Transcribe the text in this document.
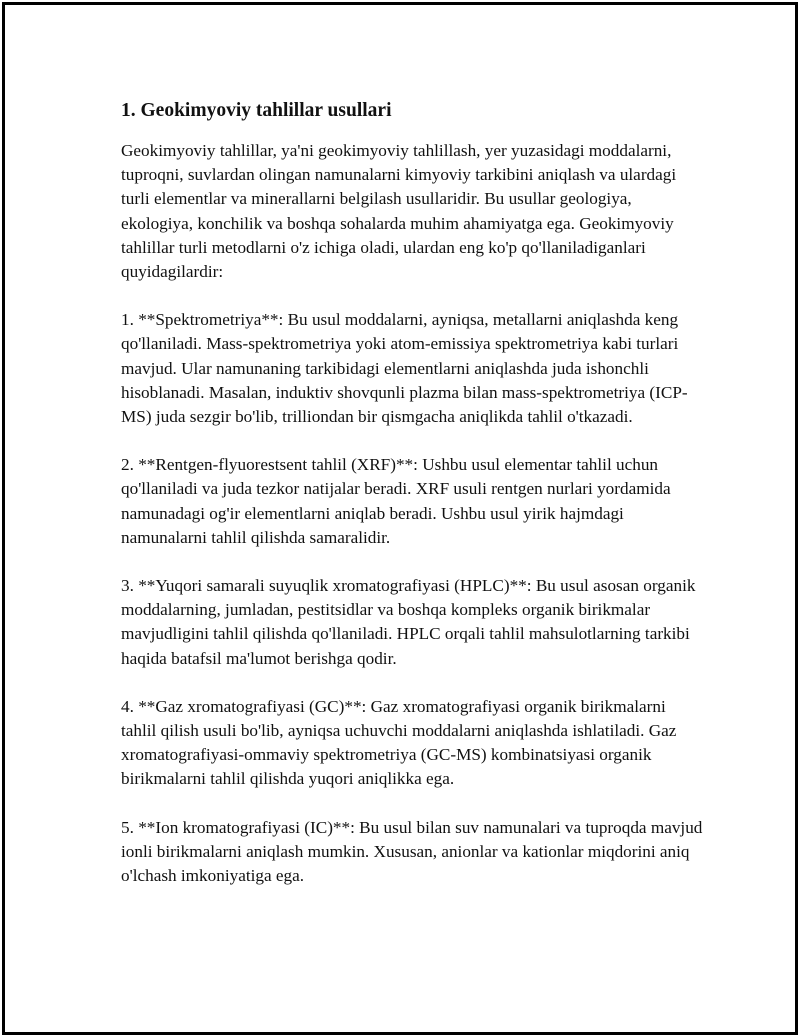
1. Geokimyoviy tahlillar usullari

Geokimyoviy tahlillar, ya'ni geokimyoviy tahlillash, yer yuzasidagi moddalarni, tuproqni, suvlardan olingan namunalarni kimyoviy tarkibini aniqlash va ulardagi turli elementlar va minerallarni belgilash usullaridir. Bu usullar geologiya, ekologiya, konchilik va boshqa sohalarda muhim ahamiyatga ega. Geokimyoviy tahlillar turli metodlarni o'z ichiga oladi, ulardan eng ko'p qo'llaniladiganlari quyidagilardir:

1. **Spektrometriya**: Bu usul moddalarni, ayniqsa, metallarni aniqlashda keng qo'llaniladi. Mass-spektrometriya yoki atom-emissiya spektrometriya kabi turlari mavjud. Ular namunaning tarkibidagi elementlarni aniqlashda juda ishonchli hisoblanadi. Masalan, induktiv shovqunli plazma bilan mass-spektrometriya (ICP-MS) juda sezgir bo'lib, trilliondan bir qismgacha aniqlikda tahlil o'tkazadi.

2. **Rentgen-flyuorestsent tahlil (XRF)**: Ushbu usul elementar tahlil uchun qo'llaniladi va juda tezkor natijalar beradi. XRF usuli rentgen nurlari yordamida namunadagi og'ir elementlarni aniqlab beradi. Ushbu usul yirik hajmdagi namunalarni tahlil qilishda samaralidir.

3. **Yuqori samarali suyuqlik xromatografiyasi (HPLC)**: Bu usul asosan organik moddalarning, jumladan, pestitsidlar va boshqa kompleks organik birikmalar mavjudligini tahlil qilishda qo'llaniladi. HPLC orqali tahlil mahsulotlarning tarkibi haqida batafsil ma'lumot berishga qodir.

4. **Gaz xromatografiyasi (GC)**: Gaz xromatografiyasi organik birikmalarni tahlil qilish usuli bo'lib, ayniqsa uchuvchi moddalarni aniqlashda ishlatiladi. Gaz xromatografiyasi-ommaviy spektrometriya (GC-MS) kombinatsiyasi organik birikmalarni tahlil qilishda yuqori aniqlikka ega.

5. **Ion kromatografiyasi (IC)**: Bu usul bilan suv namunalari va tuproqda mavjud ionli birikmalarni aniqlash mumkin. Xususan, anionlar va kationlar miqdorini aniq o'lchash imkoniyatiga ega.
